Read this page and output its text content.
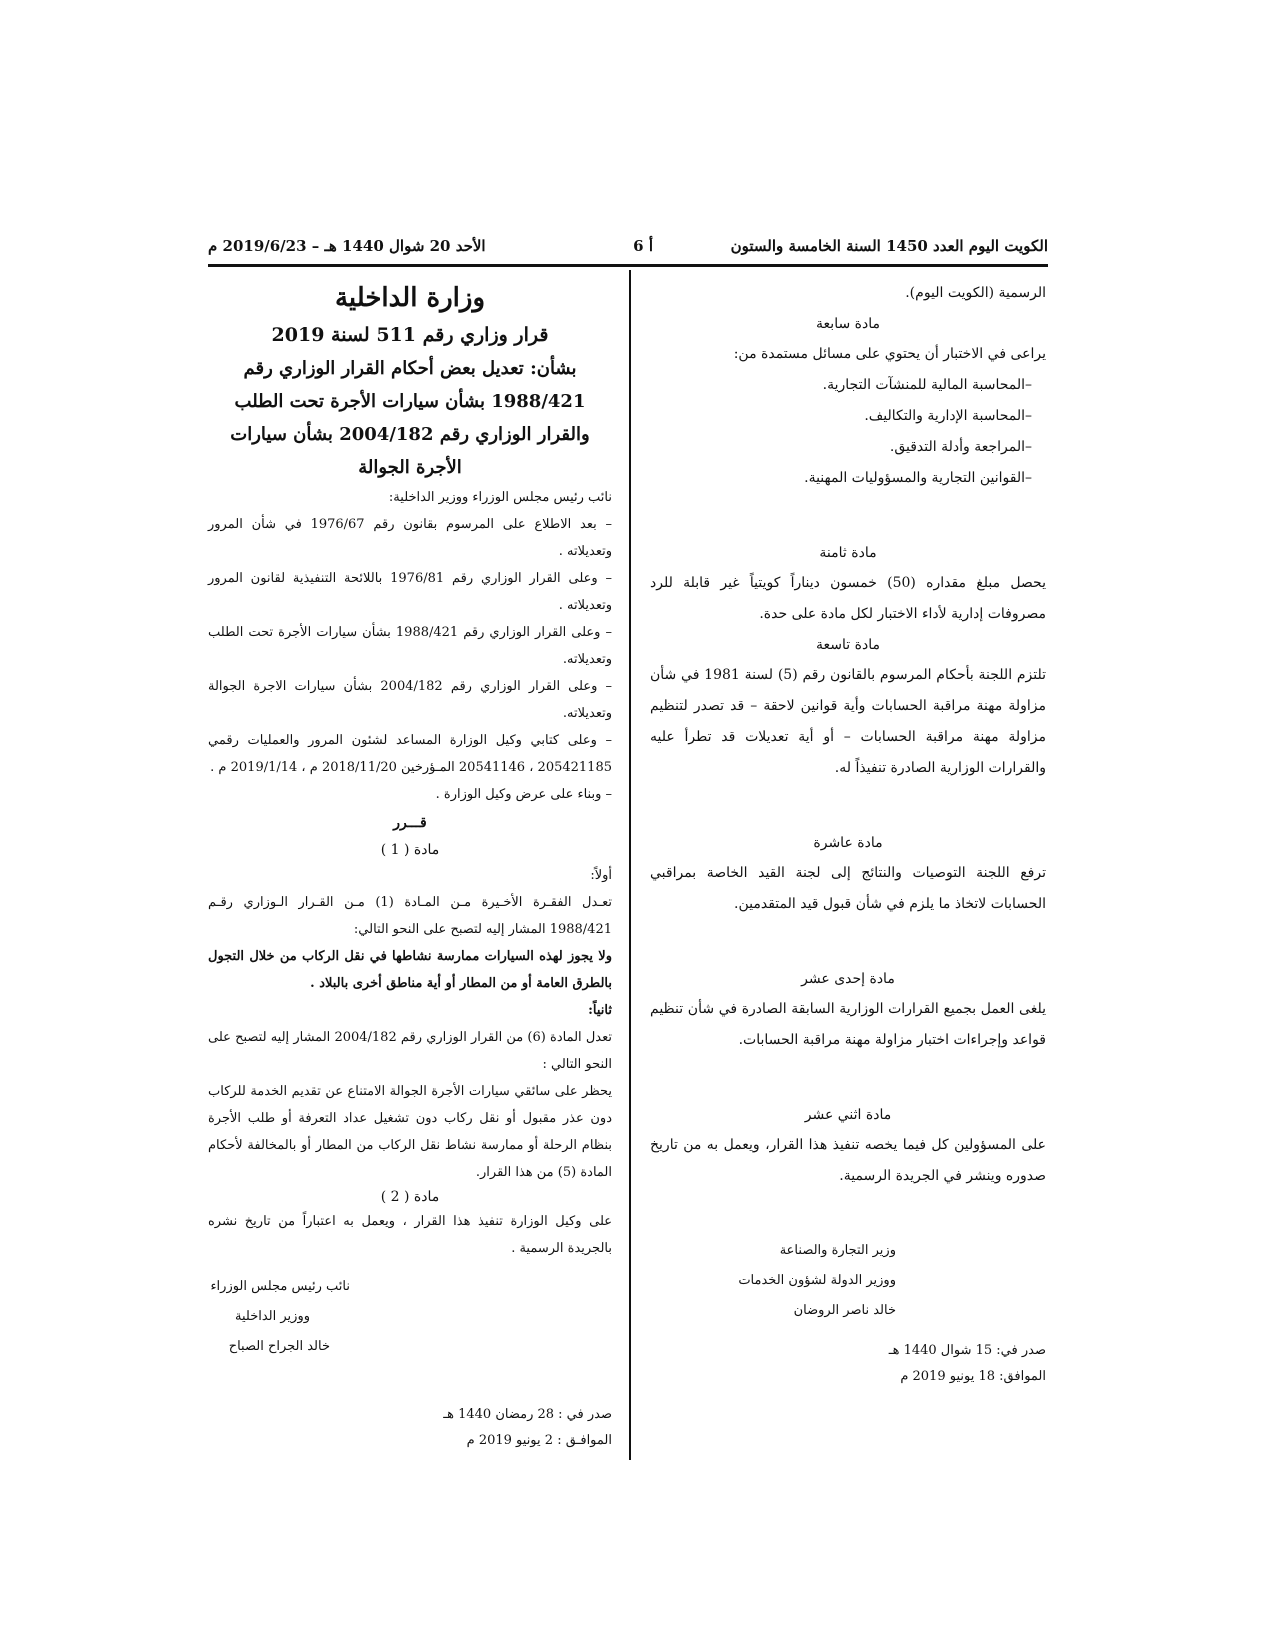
الكويت اليوم العدد 1450 السنة الخامسة والستون
أ 6
الأحد 20 شوال 1440 هـ – 2019/6/23 م
الرسمية (الكويت اليوم).
مادة سابعة
يراعى في الاختبار أن يحتوي على مسائل مستمدة من:
–المحاسبة المالية للمنشآت التجارية.
–المحاسبة الإدارية والتكاليف.
–المراجعة وأدلة التدقيق.
–القوانين التجارية والمسؤوليات المهنية.
مادة ثامنة
يحصل مبلغ مقداره (50) خمسون ديناراً كويتياً غير قابلة للرد مصروفات إدارية لأداء الاختبار لكل مادة على حدة.
مادة تاسعة
تلتزم اللجنة بأحكام المرسوم بالقانون رقم (5) لسنة 1981 في شأن مزاولة مهنة مراقبة الحسابات وأية قوانين لاحقة – قد تصدر لتنظيم مزاولة مهنة مراقبة الحسابات – أو أية تعديلات قد تطرأ عليه والقرارات الوزارية الصادرة تنفيذاً له.
مادة عاشرة
ترفع اللجنة التوصيات والنتائج إلى لجنة القيد الخاصة بمراقبي الحسابات لاتخاذ ما يلزم في شأن قبول قيد المتقدمين.
مادة إحدى عشر
يلغى العمل بجميع القرارات الوزارية السابقة الصادرة في شأن تنظيم قواعد وإجراءات اختبار مزاولة مهنة مراقبة الحسابات.
مادة اثني عشر
على المسؤولين كل فيما يخصه تنفيذ هذا القرار، ويعمل به من تاريخ صدوره وينشر في الجريدة الرسمية.
وزير التجارة والصناعة
ووزير الدولة لشؤون الخدمات
خالد ناصر الروضان
صدر في: 15 شوال 1440 هـ
الموافق: 18 يونيو 2019 م
وزارة الداخلية
قرار وزاري رقم 511 لسنة 2019
بشأن: تعديل بعض أحكام القرار الوزاري رقم 1988/421 بشأن سيارات الأجرة تحت الطلب والقرار الوزاري رقم 2004/182 بشأن سيارات الأجرة الجوالة
نائب رئيس مجلس الوزراء ووزير الداخلية:
– بعد الاطلاع على المرسوم بقانون رقم 1976/67 في شأن المرور وتعديلاته .
– وعلى القرار الوزاري رقم 1976/81 باللائحة التنفيذية لقانون المرور وتعديلاته .
– وعلى القرار الوزاري رقم 1988/421 بشأن سيارات الأجرة تحت الطلب وتعديلاته.
– وعلى القرار الوزاري رقم 2004/182 بشأن سيارات الاجرة الجوالة وتعديلاته.
– وعلى كتابي وكيل الوزارة المساعد لشئون المرور والعمليات رقمي 205421185 ، 20541146 المـؤرخين 2018/11/20 م ، 2019/1/14 م .
– وبناء على عرض وكيل الوزارة .
قـــرر
مادة ( 1 )
أولاً:
تعـدل الفقـرة الأخـيرة مـن المـادة (1) مـن القـرار الـوزاري رقـم 1988/421 المشار إليه لتصبح على النحو التالي:
ولا يجوز لهذه السيارات ممارسة نشاطها في نقل الركاب من خلال التجول بالطرق العامة أو من المطار أو أية مناطق أخرى بالبلاد .
ثانياً:
تعدل المادة (6) من القرار الوزاري رقم 2004/182 المشار إليه لتصبح على النحو التالي :
يحظر على سائقي سيارات الأجرة الجوالة الامتناع عن تقديم الخدمة للركاب دون عذر مقبول أو نقل ركاب دون تشغيل عداد التعرفة أو طلب الأجرة بنظام الرحلة أو ممارسة نشاط نقل الركاب من المطار أو بالمخالفة لأحكام المادة (5) من هذا القرار.
مادة ( 2 )
على وكيل الوزارة تنفيذ هذا القرار ، ويعمل به اعتباراً من تاريخ نشره بالجريدة الرسمية .
نائب رئيس مجلس الوزراء
ووزير الداخلية
خالد الجراح الصباح
صدر في : 28 رمضان 1440 هـ
الموافـق : 2 يونيو 2019 م
